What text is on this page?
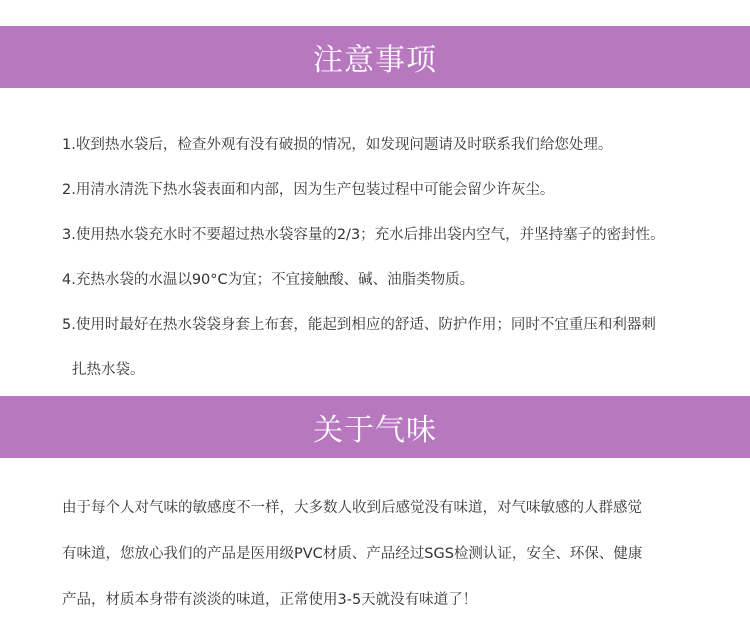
注意事项
1.收到热水袋后，检查外观有没有破损的情况，如发现问题请及时联系我们给您处理。
2.用清水清洗下热水袋表面和内部，因为生产包装过程中可能会留少许灰尘。
3.使用热水袋充水时不要超过热水袋容量的2/3；充水后排出袋内空气，并坚持塞子的密封性。
4.充热水袋的水温以90°C为宜；不宜接触酸、碱、油脂类物质。
5.使用时最好在热水袋袋身套上布套，能起到相应的舒适、防护作用；同时不宜重压和利器刺
扎热水袋。
关于气味
由于每个人对气味的敏感度不一样，大多数人收到后感觉没有味道，对气味敏感的人群感觉
有味道，您放心我们的产品是医用级PVC材质、产品经过SGS检测认证，安全、环保、健康
产品，材质本身带有淡淡的味道，正常使用3-5天就没有味道了！
